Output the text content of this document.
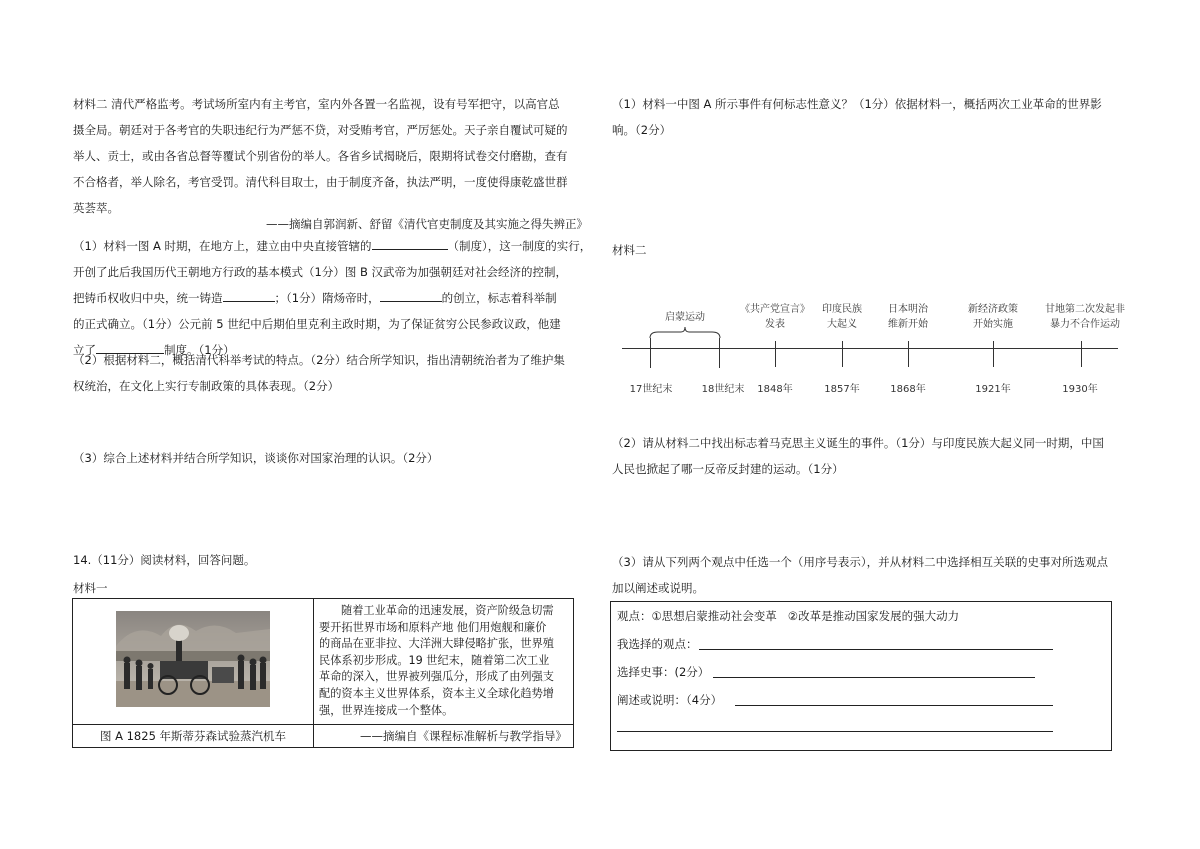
材料二 清代严格监考。考试场所室内有主考官，室内外各置一名监视，设有号军把守，以高官总
摄全局。朝廷对于各考官的失职违纪行为严惩不贷，对受贿考官，严厉惩处。天子亲自覆试可疑的
举人、贡士，或由各省总督等覆试个别省份的举人。各省乡试揭晓后，限期将试卷交付磨勘，查有
不合格者，举人除名，考官受罚。清代科目取士，由于制度齐备，执法严明，一度使得康乾盛世群
英荟萃。
——摘编自郭润新、舒留《清代官吏制度及其实施之得失辨正》
（1）材料一图 A 时期，在地方上，建立由中央直接管辖的	（制度），这一制度的实行，
开创了此后我国历代王朝地方行政的基本模式（1分）图 B 汉武帝为加强朝廷对社会经济的控制，
把铸币权收归中央，统一铸造	；（1分）隋炀帝时，	的创立，标志着科举制
的正式确立。（1分）公元前 5 世纪中后期伯里克利主政时期，为了保证贫穷公民参政议政，他建
立了	制度。（1分）
（2）根据材料二，概括清代科举考试的特点。（2分）结合所学知识，指出清朝统治者为了维护集
权统治，在文化上实行专制政策的具体表现。（2分）
（3）综合上述材料并结合所学知识，谈谈你对国家治理的认识。（2分）
14.（11分）阅读材料，回答问题。
材料一
图 A 1825 年斯蒂芬森试验蒸汽机车
随着工业革命的迅速发展，资产阶级急切需
要开拓世界市场和原料产地 他们用炮舰和廉价
的商品在亚非拉、大洋洲大肆侵略扩张，世界殖
民体系初步形成。19 世纪末，随着第二次工业
革命的深入，世界被列强瓜分，形成了由列强支
配的资本主义世界体系，资本主义全球化趋势增
强，世界连接成一个整体。
——摘编自《课程标准解析与教学指导》
（1）材料一中图 A 所示事件有何标志性意义？（1分）依据材料一，概括两次工业革命的世界影
响。（2分）
材料二
启蒙运动
17世纪末	18世纪末
《共产党宣言》
发表
1848年
印度民族
大起义
1857年
日本明治
维新开始
1868年
新经济政策
开始实施
1921年
甘地第二次发起非
暴力不合作运动
1930年
（2）请从材料二中找出标志着马克思主义诞生的事件。（1分）与印度民族大起义同一时期，中国
人民也掀起了哪一反帝反封建的运动。（1分）
（3）请从下列两个观点中任选一个（用序号表示），并从材料二中选择相互关联的史事对所选观点
加以阐述或说明。
观点：①思想启蒙推动社会变革   ②改革是推动国家发展的强大动力
我选择的观点：
选择史事：(2分）
阐述或说明：（4分）
